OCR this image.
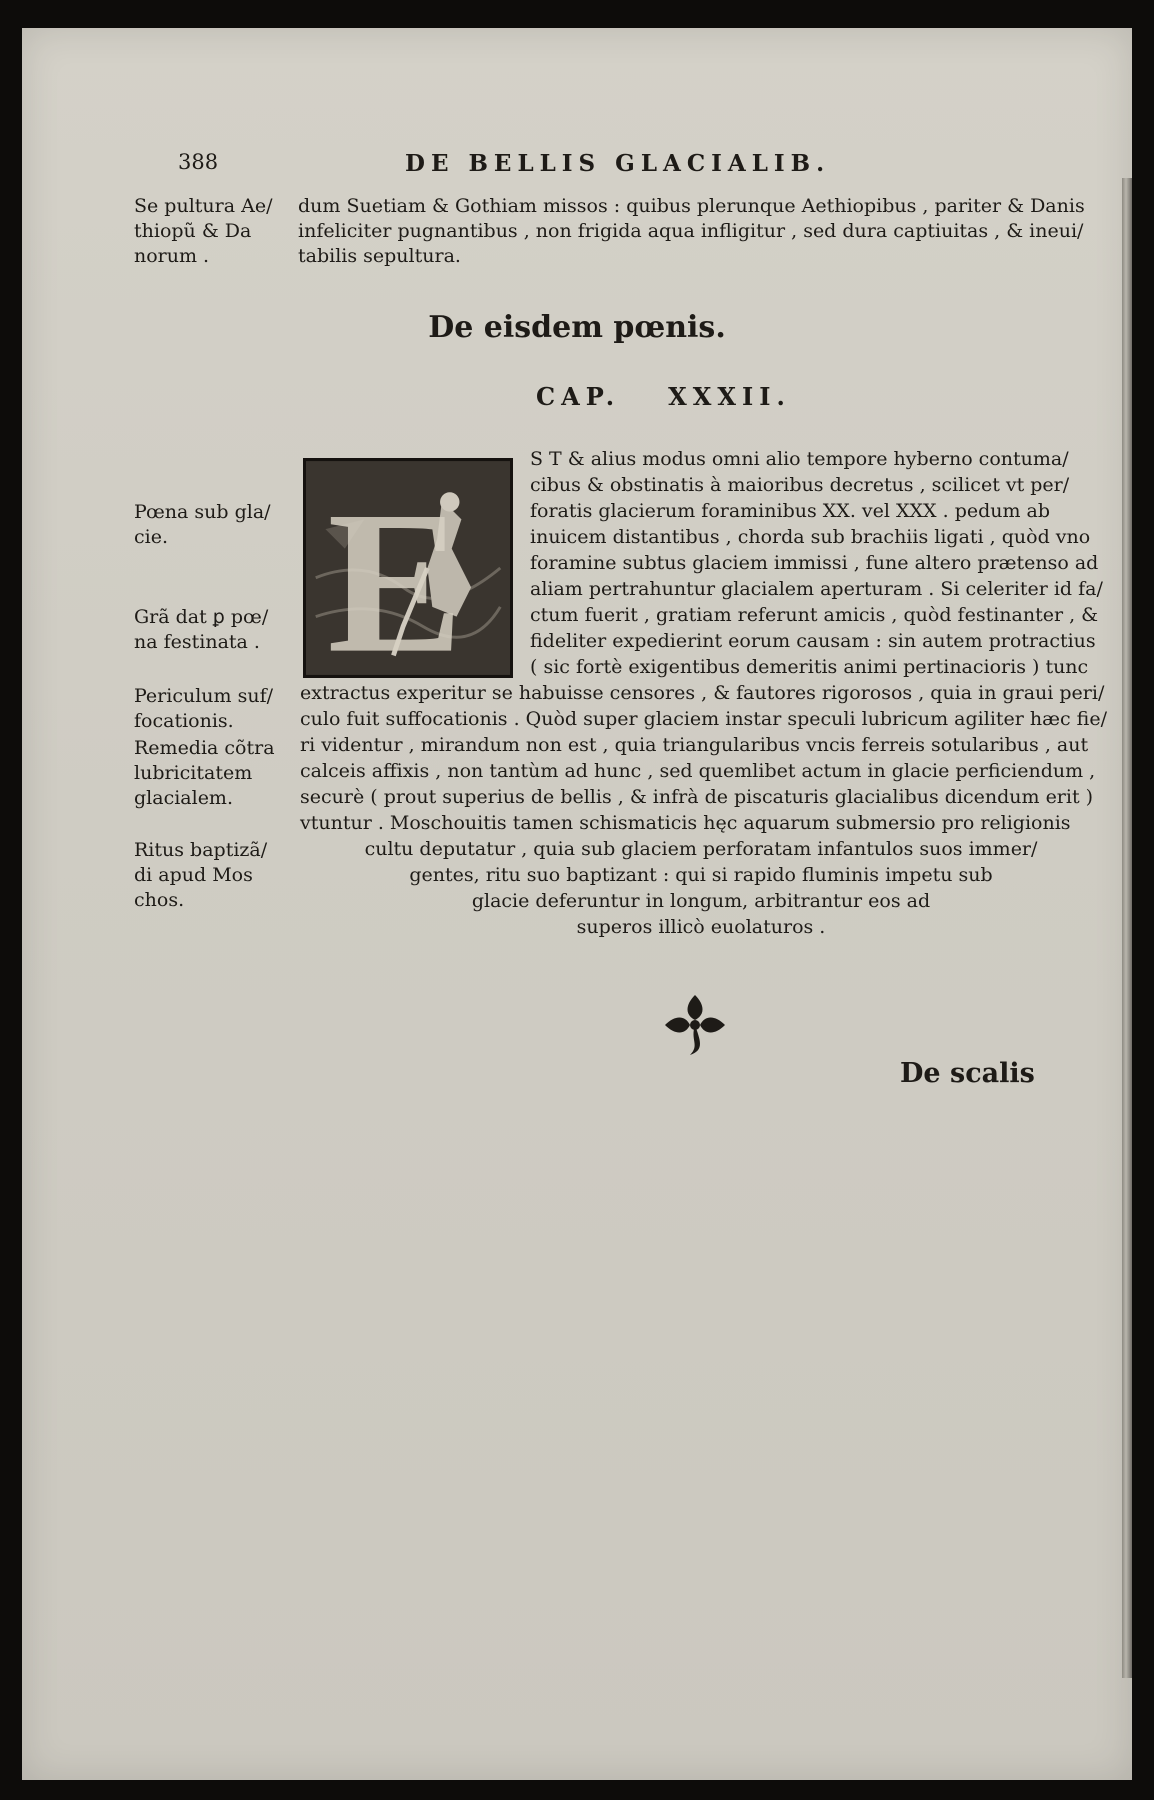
388	DE BELLIS GLACIALIB.
Se pultura Ae/
thiopũ & Da
norum .
Pœna sub gla/
cie.
Grã dat ꝑ pœ/
na festinata .
Periculum suf/
focationis.
Remedia cõtra
lubricitatem
glacialem.
Ritus baptizã/
di apud Mos
chos.
dum Suetiam & Gothiam missos : quibus plerunque Aethiopibus , pariter & Danis
infeliciter pugnantibus , non frigida aqua infligitur , sed dura captiuitas , & ineui/
tabilis sepultura.
De eisdem pœnis.
CAP. XXXII.
E
S T & alius modus omni alio tempore hyberno contuma/
cibus & obstinatis à maioribus decretus , scilicet vt per/
foratis glacierum foraminibus XX. vel XXX . pedum ab
inuicem distantibus , chorda sub brachiis ligati , quòd vno
foramine subtus glaciem immissi , fune altero prætenso ad
aliam pertrahuntur glacialem aperturam . Si celeriter id fa/
ctum fuerit , gratiam referunt amicis , quòd festinanter , &
fideliter expedierint eorum causam : sin autem protractius
( sic fortè exigentibus demeritis animi pertinacioris ) tunc
extractus experitur se habuisse censores , & fautores rigorosos , quia in graui peri/
culo fuit suffocationis . Quòd super glaciem instar speculi lubricum agiliter hæc fie/
ri videntur , mirandum non est , quia triangularibus vncis ferreis sotularibus , aut
calceis affixis , non tantùm ad hunc , sed quemlibet actum in glacie perficiendum ,
securè ( prout superius de bellis , & infrà de piscaturis glacialibus dicendum erit )
vtuntur . Moschouitis tamen schismaticis hęc aquarum submersio pro religionis
cultu deputatur , quia sub glaciem perforatam infantulos suos immer/
gentes, ritu suo baptizant : qui si rapido fluminis impetu sub
glacie deferuntur in longum, arbitrantur eos ad
superos illicò euolaturos .
De scalis
